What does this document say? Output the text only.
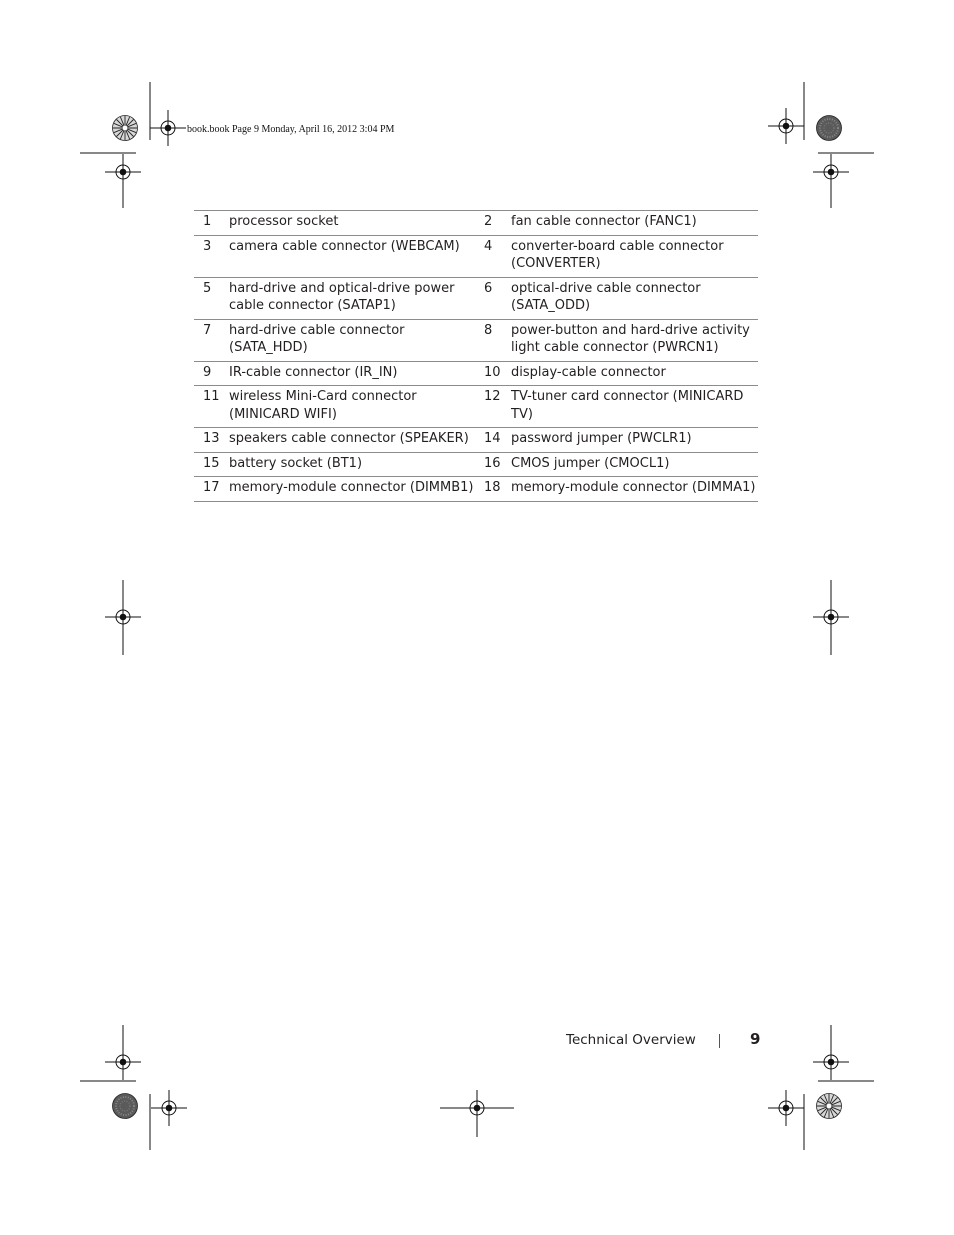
book.book Page 9 Monday, April 16, 2012 3:04 PM
1	processor socket	2	fan cable connector (FANC1)
3	camera cable connector (WEBCAM)	4	converter-board cable connector (CONVERTER)
5	hard-drive and optical-drive power cable connector (SATAP1)	6	optical-drive cable connector (SATA_ODD)
7	hard-drive cable connector (SATA_HDD)	8	power-button and hard-drive activity light cable connector (PWRCN1)
9	IR-cable connector (IR_IN)	10	display-cable connector
11	wireless Mini-Card connector (MINICARD WIFI)	12	TV-tuner card connector (MINICARD TV)
13	speakers cable connector (SPEAKER)	14	password jumper (PWCLR1)
15	battery socket (BT1)	16	CMOS jumper (CMOCL1)
17	memory-module connector (DIMMB1)	18	memory-module connector (DIMMA1)
Technical Overview	9
